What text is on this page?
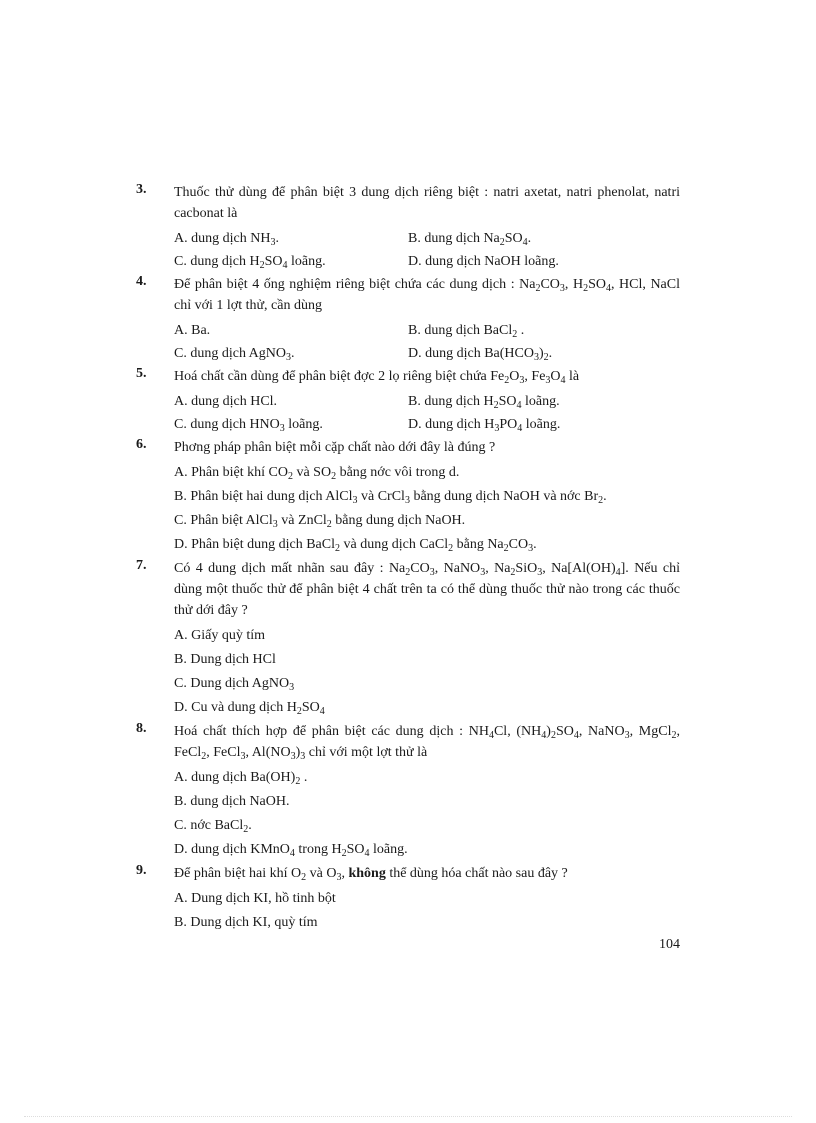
3. Thuốc thử dùng để phân biệt 3 dung dịch riêng biệt : natri axetat, natri phenolat, natri cacbonat là
A. dung dịch $NH_3$.	B. dung dịch $Na_2SO_4$.
C. dung dịch $H_2SO_4$ loãng.	D. dung dịch NaOH loãng.
4. Để phân biệt 4 ống nghiệm riêng biệt chứa các dung dịch : $Na_2CO_3$, $H_2SO_4$, HCl, NaCl chỉ với 1 lợt thử, cần dùng
A. Ba.	B. dung dịch BaCl$_2$ .
C. dung dịch AgNO$_3$.	D. dung dịch $Ba(HCO_3)_2$.
5. Hoá chất cần dùng để phân biệt đợc 2 lọ riêng biệt chứa $Fe_2O_3$, $Fe_3O_4$ là
A. dung dịch HCl.	B. dung dịch $H_2SO_4$ loãng.
C. dung dịch $HNO_3$ loãng.	D. dung dịch $H_3PO_4$ loãng.
6. Phơng pháp phân biệt mỗi cặp chất nào dới đây là đúng ?
A. Phân biệt khí $CO_2$ và $SO_2$ bằng nớc vôi trong d.
B. Phân biệt hai dung dịch AlCl$_3$ và CrCl$_3$ bằng dung dịch NaOH và nớc $Br_2$.
C. Phân biệt AlCl$_3$ và ZnCl$_2$ bằng dung dịch NaOH.
D. Phân biệt dung dịch BaCl$_2$ và dung dịch CaCl$_2$ bằng $Na_2CO_3$.
7. Có 4 dung dịch mất nhãn sau đây : $Na_2CO_3$, NaNO$_3$, $Na_2SiO_3$, $Na[Al(OH)_4]$. Nếu chỉ dùng một thuốc thử để phân biệt 4 chất trên ta có thể dùng thuốc thử nào trong các thuốc thử dới đây ?
A. Giấy quỳ tím
B. Dung dịch HCl
C. Dung dịch AgNO$_3$
D. Cu và dung dịch $H_2SO_4$
8. Hoá chất thích hợp để phân biệt các dung dịch : $NH_4Cl$, $(NH_4)_2SO_4$, NaNO$_3$, MgCl$_2$, FeCl$_2$, FeCl$_3$, $Al(NO_3)_3$ chỉ với một lợt thử là
A. dung dịch $Ba(OH)_2$ .
B. dung dịch NaOH.
C. nớc BaCl$_2$.
D. dung dịch KMnO$_4$ trong $H_2SO_4$ loãng.
9. Để phân biệt hai khí $O_2$ và $O_3$, không thể dùng hóa chất nào sau đây ?
A. Dung dịch KI, hồ tinh bột
B. Dung dịch KI, quỳ tím
104
